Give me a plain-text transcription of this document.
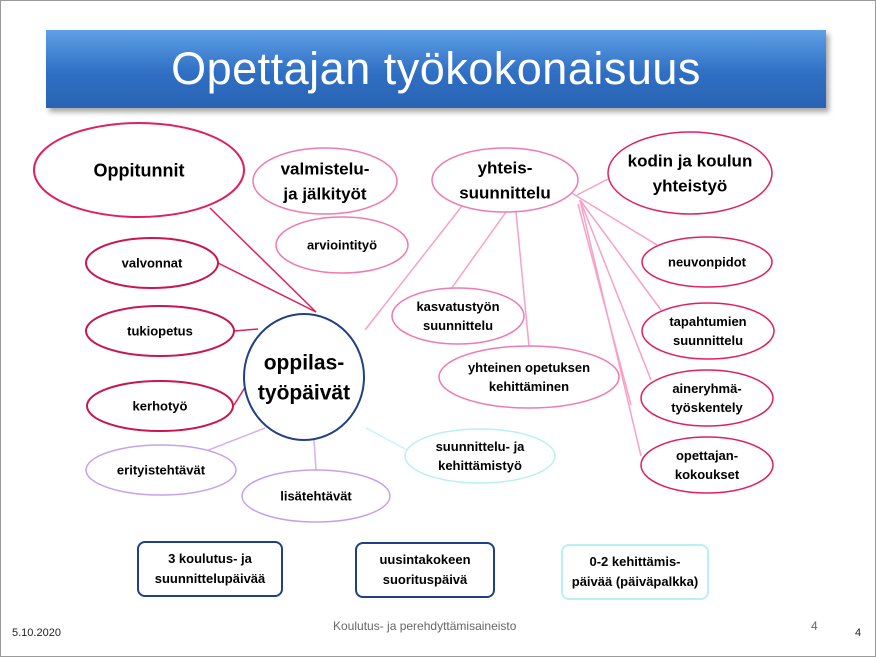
Opettajan työkokonaisuus
Oppitunnit	valmistelu-
ja jälkityöt
yhteis-
suunnittelu
kodin ja koulun
yhteistyö
arviointityö
valvonnat
tukiopetus
kerhotyö
erityistehtävät
lisätehtävät
suunnittelu- ja
kehittämistyö
kasvatustyön
suunnittelu
yhteinen opetuksen
kehittäminen
neuvonpidot
tapahtumien
suunnittelu
aineryhmä-
työskentely
opettajan-
kokoukset
oppilas-
työpäivät
3 koulutus- ja
suunnittelupäivää
uusintakokeen
suorituspäivä
0-2 kehittämis-
päivää (päiväpalkka)
5.10.2020	Koulutus- ja perehdyttämisaineisto	4	4
